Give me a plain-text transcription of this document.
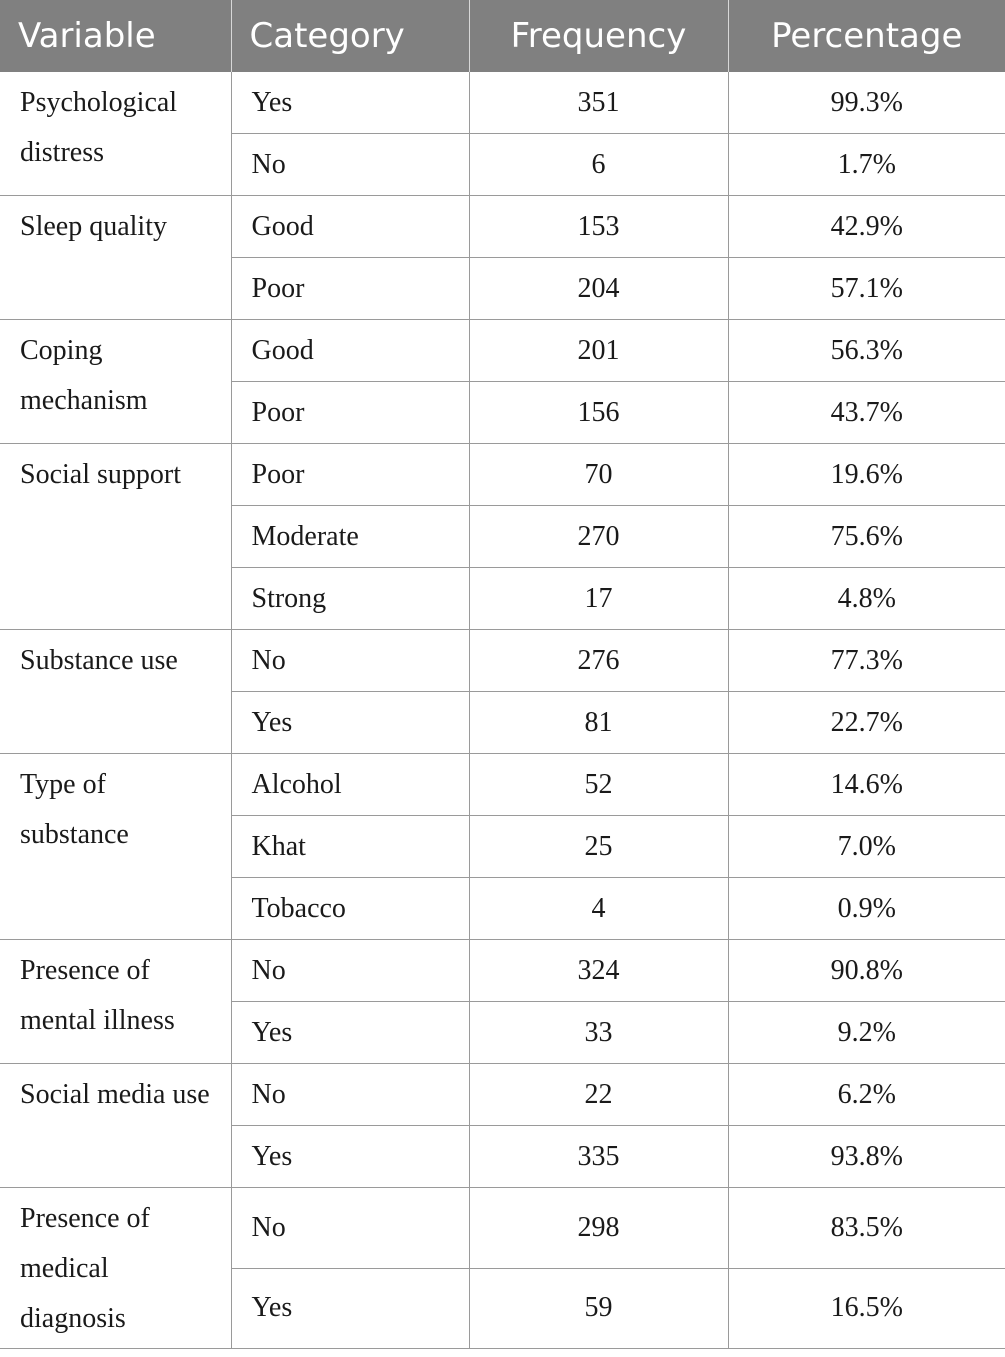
Variable	Category	Frequency	Percentage
Psychological distress	Yes	351	99.3%
	No	6	1.7%
Sleep quality	Good	153	42.9%
	Poor	204	57.1%
Coping mechanism	Good	201	56.3%
	Poor	156	43.7%
Social support	Poor	70	19.6%
	Moderate	270	75.6%
	Strong	17	4.8%
Substance use	No	276	77.3%
	Yes	81	22.7%
Type of substance	Alcohol	52	14.6%
	Khat	25	7.0%
	Tobacco	4	0.9%
Presence of mental illness	No	324	90.8%
	Yes	33	9.2%
Social media use	No	22	6.2%
	Yes	335	93.8%
Presence of medical diagnosis	No	298	83.5%
	Yes	59	16.5%
